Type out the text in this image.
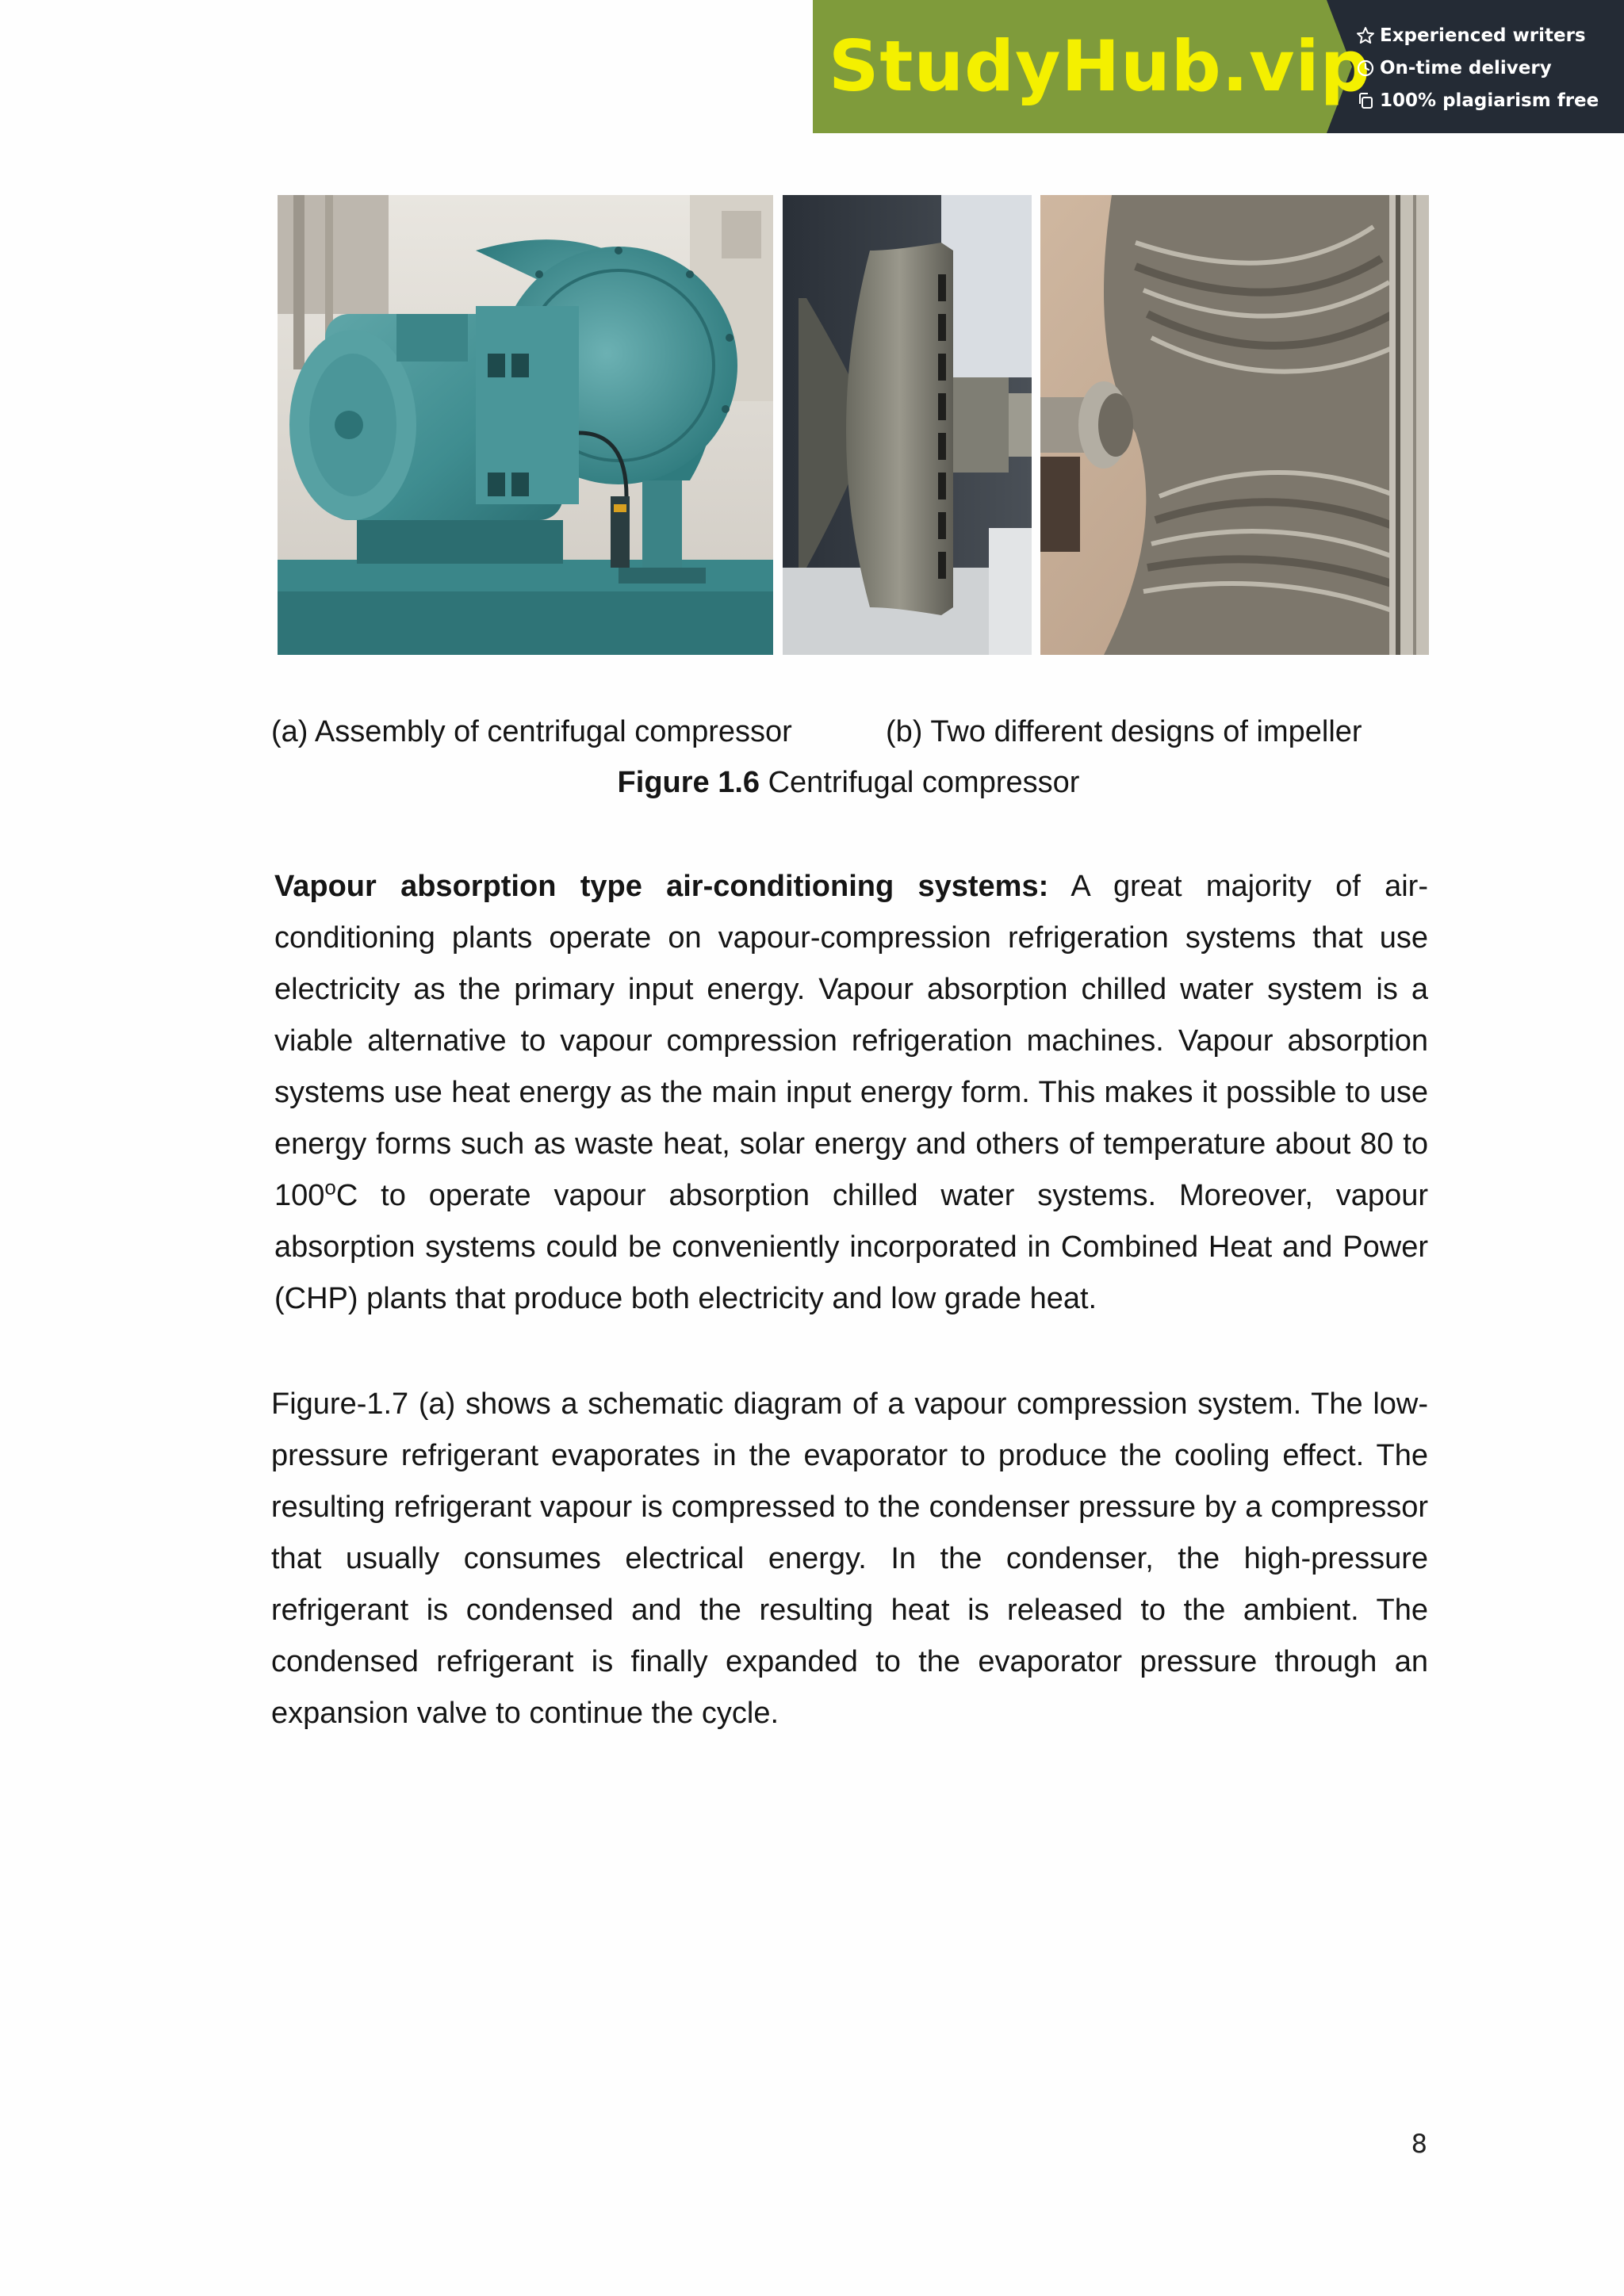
StudyHub.vip Experienced writers
On-time delivery
100% plagiarism free
(a) Assembly of centrifugal compressor	(b) Two different designs of impeller
Figure 1.6 Centrifugal compressor

Vapour absorption type air-conditioning systems: A great majority of air-conditioning plants operate on vapour-compression refrigeration systems that use electricity as the primary input energy. Vapour absorption chilled water system is a viable alternative to vapour compression refrigeration machines. Vapour absorption systems use heat energy as the main input energy form. This makes it possible to use energy forms such as waste heat, solar energy and others of temperature about 80 to 100$^o$C to operate vapour absorption chilled water systems. Moreover, vapour absorption systems could be conveniently incorporated in Combined Heat and Power (CHP) plants that produce both electricity and low grade heat.

Figure-1.7 (a) shows a schematic diagram of a vapour compression system. The low-pressure refrigerant evaporates in the evaporator to produce the cooling effect. The resulting refrigerant vapour is compressed to the condenser pressure by a compressor that usually consumes electrical energy. In the condenser, the high-pressure refrigerant is condensed and the resulting heat is released to the ambient. The condensed refrigerant is finally expanded to the evaporator pressure through an expansion valve to continue the cycle.

8
